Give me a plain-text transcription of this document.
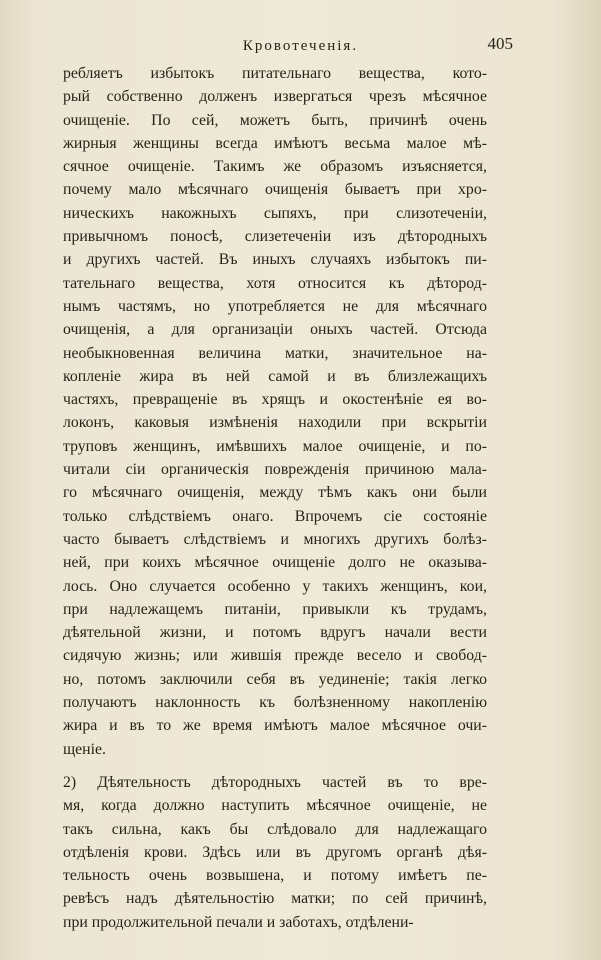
Кровотеченія.	405
ребляетъ избытокъ питательнаго вещества, кото-
рый собственно долженъ извергаться чрезъ мѣсячное
очищеніе. По сей, можетъ быть, причинѣ очень
жирныя женщины всегда имѣютъ весьма малое мѣ-
сячное очищеніе. Такимъ же образомъ изъясняется,
почему мало мѣсячнаго очищенія бываетъ при хро-
ническихъ накожныхъ сыпяхъ, при слизотеченіи,
привычномъ поносѣ, слизетеченіи изъ дѣтородныхъ
и другихъ частей. Въ иныхъ случаяхъ избытокъ пи-
тательнаго вещества, хотя относится къ дѣтород-
нымъ частямъ, но употребляется не для мѣсячнаго
очищенія, а для организаціи оныхъ частей. Отсюда
необыкновенная величина матки, значительное на-
копленіе жира въ ней самой и въ близлежащихъ
частяхъ, превращеніе въ хрящъ и окостенѣніе ея во-
локонъ, каковыя измѣненія находили при вскрытіи
труповъ женщинъ, имѣвшихъ малое очищеніе, и по-
читали сіи органическія поврежденія причиною мала-
го мѣсячнаго очищенія, между тѣмъ какъ они были
только слѣдствіемъ онаго. Впрочемъ сіе состояніе
часто бываетъ слѣдствіемъ и многихъ другихъ болѣз-
ней, при коихъ мѣсячное очищеніе долго не оказыва-
лось. Оно случается особенно у такихъ женщинъ, кои,
при надлежащемъ питаніи, привыкли къ трудамъ,
дѣятельной жизни, и потомъ вдругъ начали вести
сидячую жизнь; или жившія прежде весело и свобод-
но, потомъ заключили себя въ уединеніе; такія легко
получаютъ наклонность къ болѣзненному накопленію
жира и въ то же время имѣютъ малое мѣсячное очи-
щеніе.
2) Дѣятельность дѣтородныхъ частей въ то вре-
мя, когда должно наступить мѣсячное очищеніе, не
такъ сильна, какъ бы слѣдовало для надлежащаго
отдѣленія крови. Здѣсь или въ другомъ органѣ дѣя-
тельность очень возвышена, и потому имѣетъ пе-
ревѣсъ надъ дѣятельностію матки; по сей причинѣ,
при продолжительной печали и заботахъ, отдѣлени-
